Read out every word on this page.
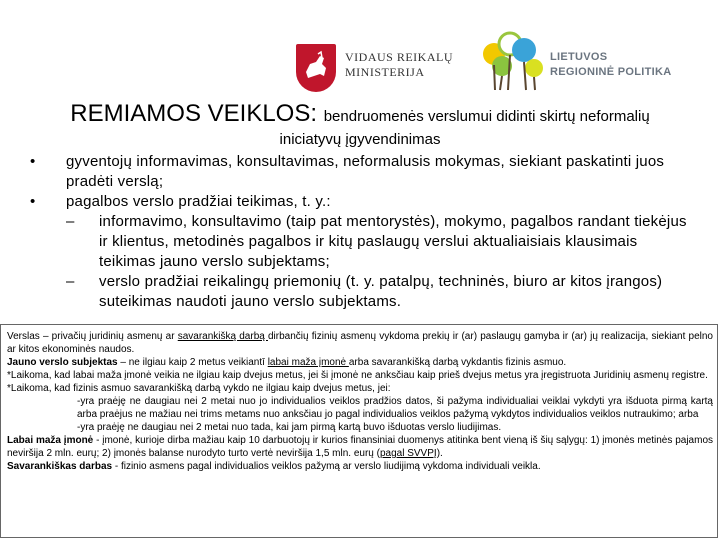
VIDAUS REIKALŲ
MINISTERIJA
LIETUVOS
REGIONINĖ POLITIKA
REMIAMOS VEIKLOS: bendruomenės verslumui didinti skirtų neformalių
iniciatyvų įgyvendinimas
• gyventojų informavimas, konsultavimas, neformalusis mokymas, siekiant paskatinti juos pradėti verslą;
• pagalbos verslo pradžiai teikimas, t. y.:
– informavimo, konsultavimo (taip pat mentorystės), mokymo, pagalbos randant tiekėjus ir klientus, metodinės pagalbos ir kitų paslaugų verslui aktualiaisiais klausimais teikimas jauno verslo subjektams;
– verslo pradžiai reikalingų priemonių (t. y. patalpų, techninės, biuro ar kitos įrangos) suteikimas naudoti jauno verslo subjektams.

Verslas – privačių juridinių asmenų ar savarankišką darbą dirbančių fizinių asmenų vykdoma prekių ir (ar) paslaugų gamyba ir (ar) jų realizacija, siekiant pelno ar kitos ekonominės naudos.

Jauno verslo subjektas – ne ilgiau kaip 2 metus veikiantī labai maža įmonė arba savarankišką darbą vykdantis fizinis asmuo.

*Laikoma, kad labai maža įmonė veikia ne ilgiau kaip dvejus metus, jei ši įmonė ne anksčiau kaip prieš dvejus metus yra įregistruota Juridinių asmenų registre.

*Laikoma, kad fizinis asmuo savarankišką darbą vykdo ne ilgiau kaip dvejus metus, jei:

-yra praėję ne daugiau nei 2 metai nuo jo individualios veiklos pradžios datos, ši pažyma individualiai veiklai vykdyti yra išduota pirmą kartą arba praėjus ne mažiau nei trims metams nuo anksčiau jo pagal individualios veiklos pažymą vykdytos individualios veiklos nutraukimo; arba

-yra praėję ne daugiau nei 2 metai nuo tada, kai jam pirmą kartą buvo išduotas verslo liudijimas.

Labai maža įmonė - įmonė, kurioje dirba mažiau kaip 10 darbuotojų ir kurios finansiniai duomenys atitinka bent vieną iš šių sąlygų: 1) įmonės metinės pajamos neviršija 2 mln. eurų; 2) įmonės balanse nurodyto turto vertė neviršija 1,5 mln. eurų (pagal SVVPĮ).

Savarankiškas darbas - fizinio asmens pagal individualios veiklos pažymą ar verslo liudijimą vykdoma individuali veikla.
